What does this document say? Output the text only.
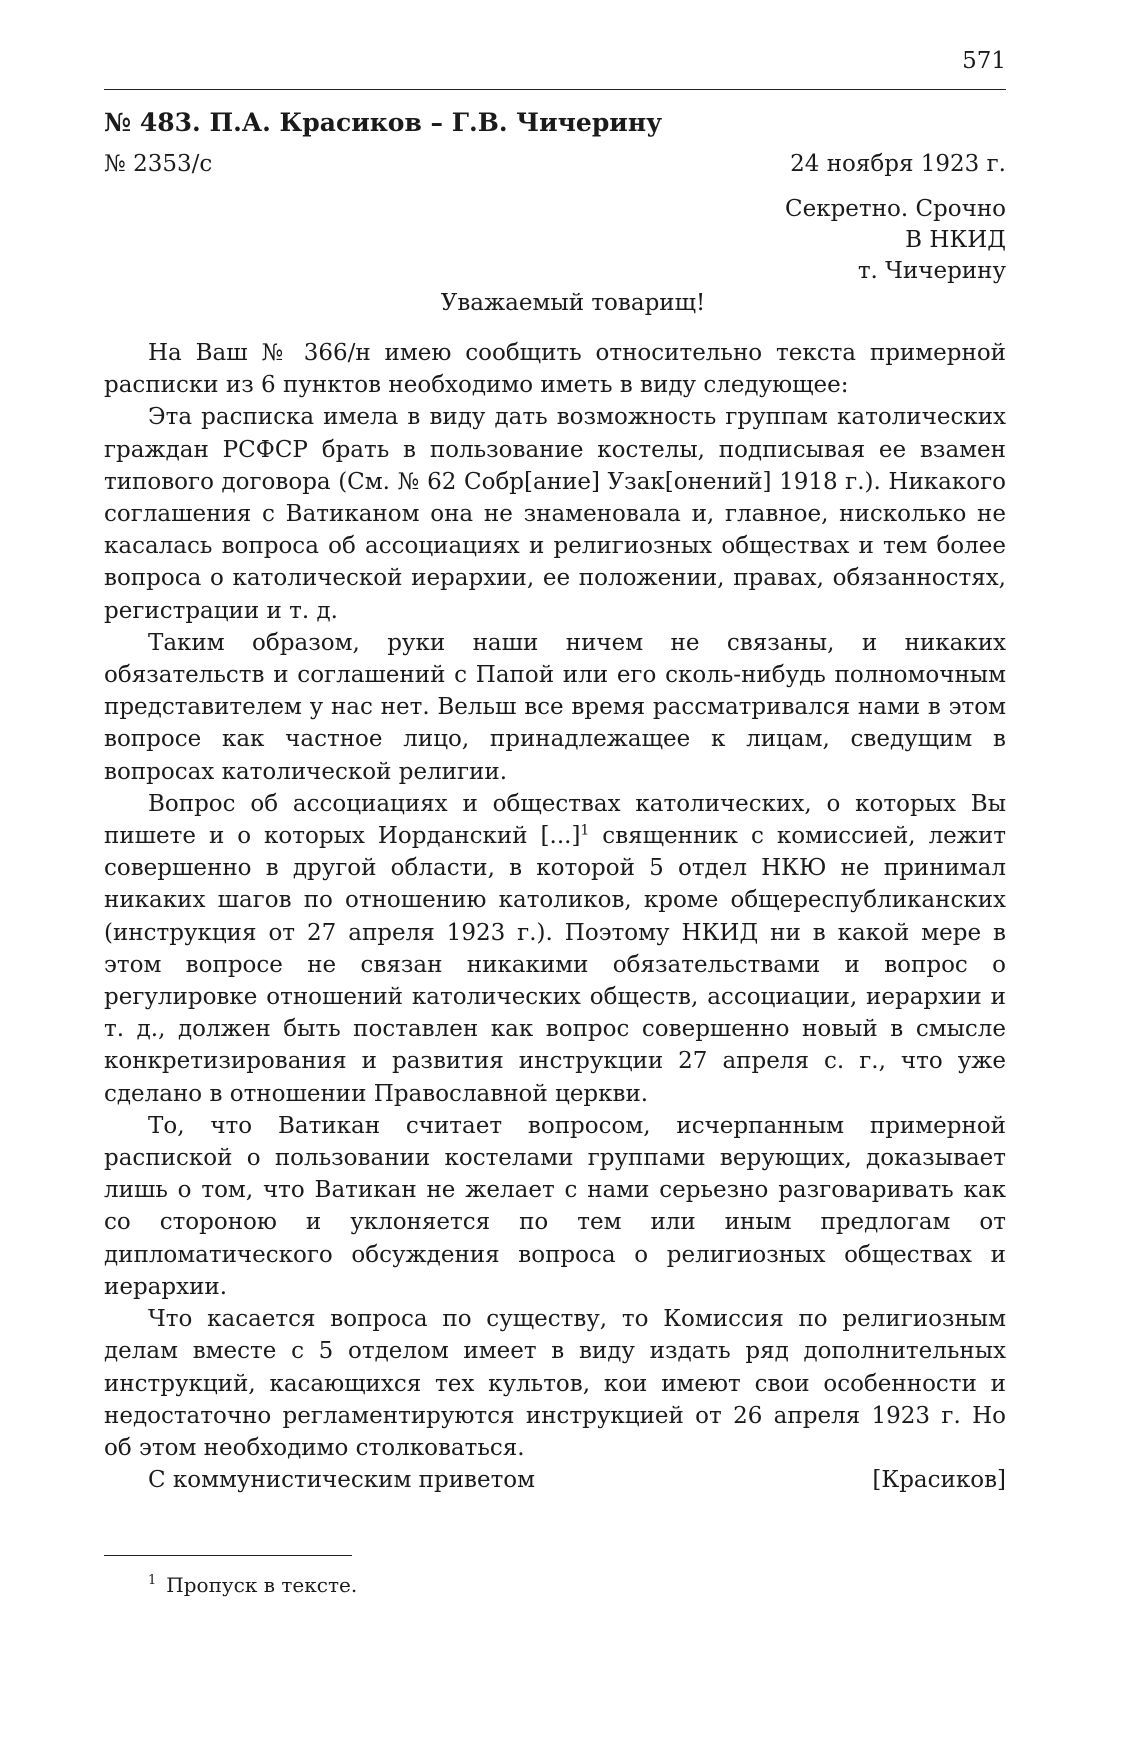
571
№ 483. П.А. Красиков – Г.В. Чичерину
№ 2353/с	24 ноября 1923 г.
Секретно. Срочно
В НКИД
т. Чичерину
Уважаемый товарищ!

На Ваш № 366/н имею сообщить относительно текста примерной расписки из 6 пунктов необходимо иметь в виду следующее:

Эта расписка имела в виду дать возможность группам католических граждан РСФСР брать в пользование костелы, подписывая ее взамен типового договора (См. № 62 Собр[ание] Узак[онений] 1918 г.). Никакого соглашения с Ватиканом она не знаменовала и, главное, нисколько не касалась вопроса об ассоциациях и религиозных обществах и тем более вопроса о католической иерархии, ее положении, правах, обязанностях, регистрации и т. д.

Таким образом, руки наши ничем не связаны, и никаких обязательств и соглашений с Папой или его сколь-нибудь полномочным представителем у нас нет. Вельш все время рассматривался нами в этом вопросе как частное лицо, принадлежащее к лицам, сведущим в вопросах католической религии.

Вопрос об ассоциациях и обществах католических, о которых Вы пишете и о которых Иорданский [...]$^1$ священник с комиссией, лежит совершенно в другой области, в которой 5 отдел НКЮ не принимал никаких шагов по отношению католиков, кроме общереспубликанских (инструкция от 27 апреля 1923 г.). Поэтому НКИД ни в какой мере в этом вопросе не связан никакими обязательствами и вопрос о регулировке отношений католических обществ, ассоциации, иерархии и т. д., должен быть поставлен как вопрос совершенно новый в смысле конкретизирования и развития инструкции 27 апреля с. г., что уже сделано в отношении Православной церкви.

То, что Ватикан считает вопросом, исчерпанным примерной распиской о пользовании костелами группами верующих, доказывает лишь о том, что Ватикан не желает с нами серьезно разговаривать как со стороною и уклоняется по тем или иным предлогам от дипломатического обсуждения вопроса о религиозных обществах и иерархии.

Что касается вопроса по существу, то Комиссия по религиозным делам вместе с 5 отделом имеет в виду издать ряд дополнительных инструкций, касающихся тех культов, кои имеют свои особенности и недостаточно регламентируются инструкцией от 26 апреля 1923 г. Но об этом необходимо столковаться.

С коммунистическим приветом	[Красиков]
$^1$ Пропуск в тексте.
